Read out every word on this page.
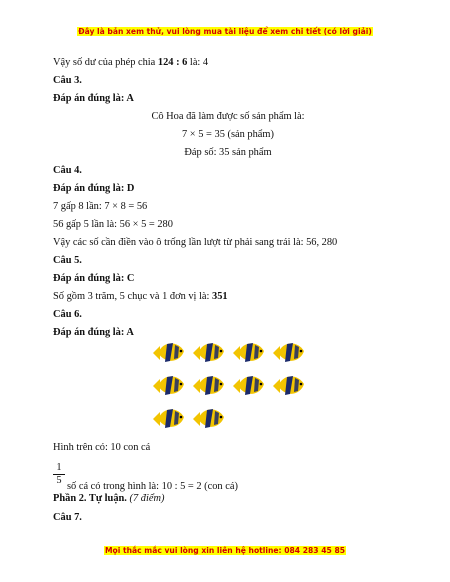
Đây là bản xem thử, vui lòng mua tài liệu để xem chi tiết (có lời giải)
Vậy số dư của phép chia 124 : 6 là: 4
Câu 3.
Đáp án đúng là: A
Cô Hoa đã làm được số sản phẩm là:
7 × 5 = 35 (sản phẩm)
Đáp số: 35 sản phẩm
Câu 4.
Đáp án đúng là: D
7 gấp 8 lần: 7 × 8 = 56
56 gấp 5 lần là: 56 × 5 = 280
Vậy các số cần điền vào ô trống lần lượt từ phải sang trái là: 56, 280
Câu 5.
Đáp án đúng là: C
Số gồm 3 trăm, 5 chục và 1 đơn vị là: 351
Câu 6.
Đáp án đúng là: A
Hình trên có: 10 con cá
$\frac{1}{5}$ số cá có trong hình là: 10 : 5 = 2 (con cá)
Phần 2. Tự luận. (7 điểm)
Câu 7.
Mọi thắc mắc vui lòng xin liên hệ hotline: 084 283 45 85
